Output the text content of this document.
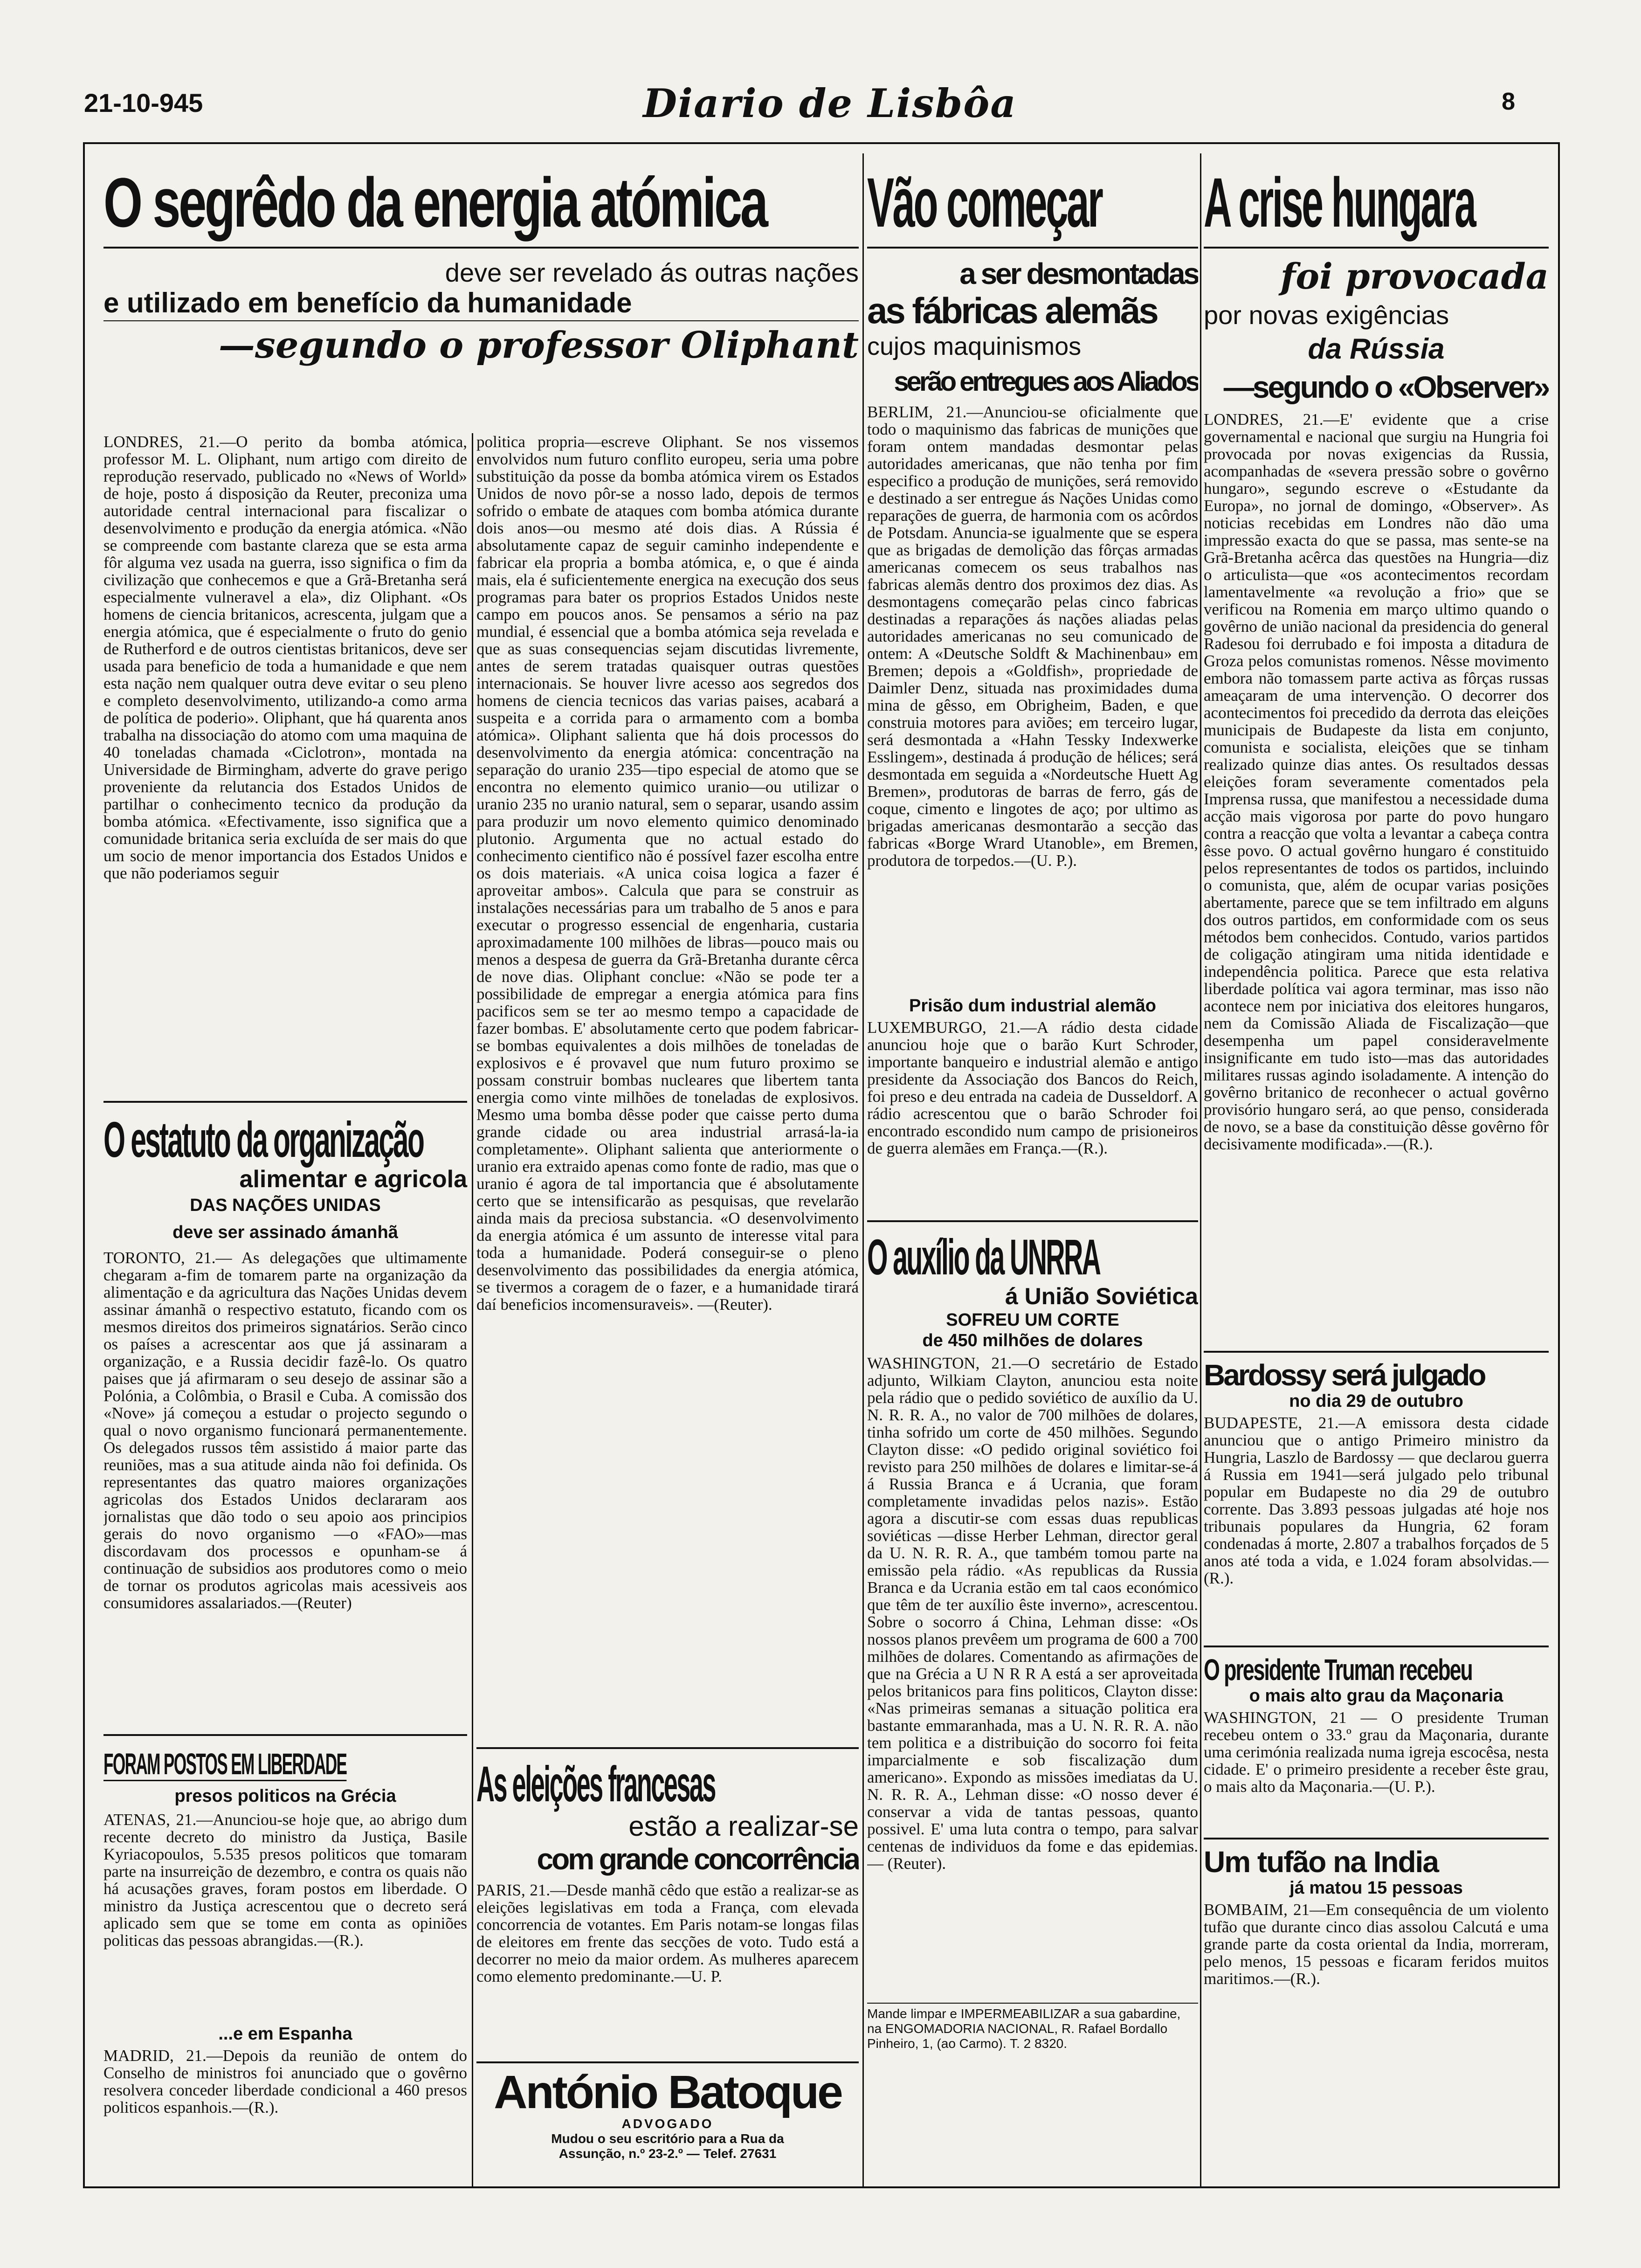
21-10-945	Diario de Lisbôa	8
O segrêdo da energia atómica
deve ser revelado ás outras nações
e utilizado em benefício da humanidade
—segundo o professor Oliphant
LONDRES, 21.—O perito da bomba atómica, professor M. L. Oliphant, num artigo com direito de reprodução reservado, publicado no «News of World» de hoje, posto á disposição da Reuter, preconiza uma autoridade central internacional para fiscalizar o desenvolvimento e produção da energia atómica. «Não se compreende com bastante clareza que se esta arma fôr alguma vez usada na guerra, isso significa o fim da civilização que conhecemos e que a Grã-Bretanha será especialmente vulneravel a ela», diz Oliphant. «Os homens de ciencia britanicos, acrescenta, julgam que a energia atómica, que é especialmente o fruto do genio de Rutherford e de outros cientistas britanicos, deve ser usada para beneficio de toda a humanidade e que nem esta nação nem qualquer outra deve evitar o seu pleno e completo desenvolvimento, utilizando-a como arma de política de poderio». Oliphant, que há quarenta anos trabalha na dissociação do atomo com uma maquina de 40 toneladas chamada «Ciclotron», montada na Universidade de Birmingham, adverte do grave perigo proveniente da relutancia dos Estados Unidos de partilhar o conhecimento tecnico da produção da bomba atómica. «Efectivamente, isso significa que a comunidade britanica seria excluída de ser mais do que um socio de menor importancia dos Estados Unidos e que não poderiamos seguir
O estatuto da organização
alimentar e agricola
DAS NAÇÕES UNIDAS
deve ser assinado ámanhã
TORONTO, 21.— As delegações que ultimamente chegaram a-fim de tomarem parte na organização da alimentação e da agricultura das Nações Unidas devem assinar ámanhã o respectivo estatuto, ficando com os mesmos direitos dos primeiros signatários. Serão cinco os países a acrescentar aos que já assinaram a organização, e a Russia decidir fazê-lo. Os quatro paises que já afirmaram o seu desejo de assinar são a Polónia, a Colômbia, o Brasil e Cuba. A comissão dos «Nove» já começou a estudar o projecto segundo o qual o novo organismo funcionará permanentemente. Os delegados russos têm assistido á maior parte das reuniões, mas a sua atitude ainda não foi definida. Os representantes das quatro maiores organizações agricolas dos Estados Unidos declararam aos jornalistas que dão todo o seu apoio aos principios gerais do novo organismo —o «FAO»—mas discordavam dos processos e opunham-se á continuação de subsidios aos produtores como o meio de tornar os produtos agricolas mais acessiveis aos consumidores assalariados.—(Reuter)
FORAM POSTOS EM LIBERDADE
presos politicos na Grécia
ATENAS, 21.—Anunciou-se hoje que, ao abrigo dum recente decreto do ministro da Justiça, Basile Kyriacopoulos, 5.535 presos politicos que tomaram parte na insurreição de dezembro, e contra os quais não há acusações graves, foram postos em liberdade. O ministro da Justiça acrescentou que o decreto será aplicado sem que se tome em conta as opiniões politicas das pessoas abrangidas.—(R.).
...e em Espanha
MADRID, 21.—Depois da reunião de ontem do Conselho de ministros foi anunciado que o govêrno resolvera conceder liberdade condicional a 460 presos politicos espanhois.—(R.).
politica propria—escreve Oliphant. Se nos vissemos envolvidos num futuro conflito europeu, seria uma pobre substituição da posse da bomba atómica virem os Estados Unidos de novo pôr-se a nosso lado, depois de termos sofrido o embate de ataques com bomba atómica durante dois anos—ou mesmo até dois dias. A Rússia é absolutamente capaz de seguir caminho independente e fabricar ela propria a bomba atómica, e, o que é ainda mais, ela é suficientemente energica na execução dos seus programas para bater os proprios Estados Unidos neste campo em poucos anos. Se pensamos a sério na paz mundial, é essencial que a bomba atómica seja revelada e que as suas consequencias sejam discutidas livremente, antes de serem tratadas quaisquer outras questões internacionais. Se houver livre acesso aos segredos dos homens de ciencia tecnicos das varias paises, acabará a suspeita e a corrida para o armamento com a bomba atómica». Oliphant salienta que há dois processos do desenvolvimento da energia atómica: concentração na separação do uranio 235—tipo especial de atomo que se encontra no elemento quimico uranio—ou utilizar o uranio 235 no uranio natural, sem o separar, usando assim para produzir um novo elemento quimico denominado plutonio. Argumenta que no actual estado do conhecimento cientifico não é possível fazer escolha entre os dois materiais. «A unica coisa logica a fazer é aproveitar ambos». Calcula que para se construir as instalações necessárias para um trabalho de 5 anos e para executar o progresso essencial de engenharia, custaria aproximadamente 100 milhões de libras—pouco mais ou menos a despesa de guerra da Grã-Bretanha durante cêrca de nove dias. Oliphant conclue: «Não se pode ter a possibilidade de empregar a energia atómica para fins pacificos sem se ter ao mesmo tempo a capacidade de fazer bombas. E' absolutamente certo que podem fabricar-se bombas equivalentes a dois milhões de toneladas de explosivos e é provavel que num futuro proximo se possam construir bombas nucleares que libertem tanta energia como vinte milhões de toneladas de explosivos. Mesmo uma bomba dêsse poder que caisse perto duma grande cidade ou area industrial arrasá-la-ia completamente». Oliphant salienta que anteriormente o uranio era extraido apenas como fonte de radio, mas que o uranio é agora de tal importancia que é absolutamente certo que se intensificarão as pesquisas, que revelarão ainda mais da preciosa substancia. «O desenvolvimento da energia atómica é um assunto de interesse vital para toda a humanidade. Poderá conseguir-se o pleno desenvolvimento das possibilidades da energia atómica, se tivermos a coragem de o fazer, e a humanidade tirará daí beneficios incomensuraveis». —(Reuter).
As eleições francesas
estão a realizar-se
com grande concorrência
PARIS, 21.—Desde manhã cêdo que estão a realizar-se as eleições legislativas em toda a França, com elevada concorrencia de votantes. Em Paris notam-se longas filas de eleitores em frente das secções de voto. Tudo está a decorrer no meio da maior ordem. As mulheres aparecem como elemento predominante.—U. P.
António Batoque
ADVOGADO
Mudou o seu escritório para a Rua da
Assunção, n.º 23-2.º — Telef. 27631
Vão começar
a ser desmontadas
as fábricas alemãs
cujos maquinismos
serão entregues aos Aliados
BERLIM, 21.—Anunciou-se oficialmente que todo o maquinismo das fabricas de munições que foram ontem mandadas desmontar pelas autoridades americanas, que não tenha por fim especifico a produção de munições, será removido e destinado a ser entregue ás Nações Unidas como reparações de guerra, de harmonia com os acôrdos de Potsdam. Anuncia-se igualmente que se espera que as brigadas de demolição das fôrças armadas americanas comecem os seus trabalhos nas fabricas alemãs dentro dos proximos dez dias. As desmontagens começarão pelas cinco fabricas destinadas a reparações ás nações aliadas pelas autoridades americanas no seu comunicado de ontem: A «Deutsche Soldft & Machinenbau» em Bremen; depois a «Goldfish», propriedade de Daimler Denz, situada nas proximidades duma mina de gêsso, em Obrigheim, Baden, e que construia motores para aviões; em terceiro lugar, será desmontada a «Hahn Tessky Indexwerke Esslingem», destinada á produção de hélices; será desmontada em seguida a «Nordeutsche Huett Ag Bremen», produtoras de barras de ferro, gás de coque, cimento e lingotes de aço; por ultimo as brigadas americanas desmontarão a secção das fabricas «Borge Wrard Utanoble», em Bremen, produtora de torpedos.—(U. P.).
Prisão dum industrial alemão
LUXEMBURGO, 21.—A rádio desta cidade anunciou hoje que o barão Kurt Schroder, importante banqueiro e industrial alemão e antigo presidente da Associação dos Bancos do Reich, foi preso e deu entrada na cadeia de Dusseldorf. A rádio acrescentou que o barão Schroder foi encontrado escondido num campo de prisioneiros de guerra alemães em França.—(R.).
O auxílio da UNRRA
á União Soviética
SOFREU UM CORTE
de 450 milhões de dolares
WASHINGTON, 21.—O secretário de Estado adjunto, Wilkiam Clayton, anunciou esta noite pela rádio que o pedido soviético de auxílio da U. N. R. R. A., no valor de 700 milhões de dolares, tinha sofrido um corte de 450 milhões. Segundo Clayton disse: «O pedido original soviético foi revisto para 250 milhões de dolares e limitar-se-á á Russia Branca e á Ucrania, que foram completamente invadidas pelos nazis». Estão agora a discutir-se com essas duas republicas soviéticas —disse Herber Lehman, director geral da U. N. R. R. A., que também tomou parte na emissão pela rádio. «As republicas da Russia Branca e da Ucrania estão em tal caos económico que têm de ter auxílio êste inverno», acrescentou. Sobre o socorro á China, Lehman disse: «Os nossos planos prevêem um programa de 600 a 700 milhões de dolares. Comentando as afirmações de que na Grécia a U N R R A está a ser aproveitada pelos britanicos para fins politicos, Clayton disse: «Nas primeiras semanas a situação politica era bastante emmaranhada, mas a U. N. R. R. A. não tem politica e a distribuição do socorro foi feita imparcialmente e sob fiscalização dum americano». Expondo as missões imediatas da U. N. R. R. A., Lehman disse: «O nosso dever é conservar a vida de tantas pessoas, quanto possivel. E' uma luta contra o tempo, para salvar centenas de individuos da fome e das epidemias.— (Reuter).
Mande limpar e IMPERMEABILIZAR a sua gabardine, na ENGOMADORIA NACIONAL, R. Rafael Bordallo Pinheiro, 1, (ao Carmo). T. 2 8320.
A crise hungara
foi provocada
por novas exigências
da Rússia
—segundo o «Observer»
LONDRES, 21.—E' evidente que a crise governamental e nacional que surgiu na Hungria foi provocada por novas exigencias da Russia, acompanhadas de «severa pressão sobre o govêrno hungaro», segundo escreve o «Estudante da Europa», no jornal de domingo, «Observer». As noticias recebidas em Londres não dão uma impressão exacta do que se passa, mas sente-se na Grã-Bretanha acêrca das questões na Hungria—diz o articulista—que «os acontecimentos recordam lamentavelmente «a revolução a frio» que se verificou na Romenia em março ultimo quando o govêrno de união nacional da presidencia do general Radesou foi derrubado e foi imposta a ditadura de Groza pelos comunistas romenos. Nêsse movimento embora não tomassem parte activa as fôrças russas ameaçaram de uma intervenção. O decorrer dos acontecimentos foi precedido da derrota das eleições municipais de Budapeste da lista em conjunto, comunista e socialista, eleições que se tinham realizado quinze dias antes. Os resultados dessas eleições foram severamente comentados pela Imprensa russa, que manifestou a necessidade duma acção mais vigorosa por parte do povo hungaro contra a reacção que volta a levantar a cabeça contra êsse povo. O actual govêrno hungaro é constituido pelos representantes de todos os partidos, incluindo o comunista, que, além de ocupar varias posições abertamente, parece que se tem infiltrado em alguns dos outros partidos, em conformidade com os seus métodos bem conhecidos. Contudo, varios partidos de coligação atingiram uma nitida identidade e independência politica. Parece que esta relativa liberdade política vai agora terminar, mas isso não acontece nem por iniciativa dos eleitores hungaros, nem da Comissão Aliada de Fiscalização—que desempenha um papel consideravelmente insignificante em tudo isto—mas das autoridades militares russas agindo isoladamente. A intenção do govêrno britanico de reconhecer o actual govêrno provisório hungaro será, ao que penso, considerada de novo, se a base da constituição dêsse govêrno fôr decisivamente modificada».—(R.).
Bardossy será julgado
no dia 29 de outubro
BUDAPESTE, 21.—A emissora desta cidade anunciou que o antigo Primeiro ministro da Hungria, Laszlo de Bardossy — que declarou guerra á Russia em 1941—será julgado pelo tribunal popular em Budapeste no dia 29 de outubro corrente. Das 3.893 pessoas julgadas até hoje nos tribunais populares da Hungria, 62 foram condenadas á morte, 2.807 a trabalhos forçados de 5 anos até toda a vida, e 1.024 foram absolvidas.—(R.).
O presidente Truman recebeu
o mais alto grau da Maçonaria
WASHINGTON, 21 — O presidente Truman recebeu ontem o 33.º grau da Maçonaria, durante uma cerimónia realizada numa igreja escocêsa, nesta cidade. E' o primeiro presidente a receber êste grau, o mais alto da Maçonaria.—(U. P.).
Um tufão na India
já matou 15 pessoas
BOMBAIM, 21—Em consequência de um violento tufão que durante cinco dias assolou Calcutá e uma grande parte da costa oriental da India, morreram, pelo menos, 15 pessoas e ficaram feridos muitos maritimos.—(R.).
